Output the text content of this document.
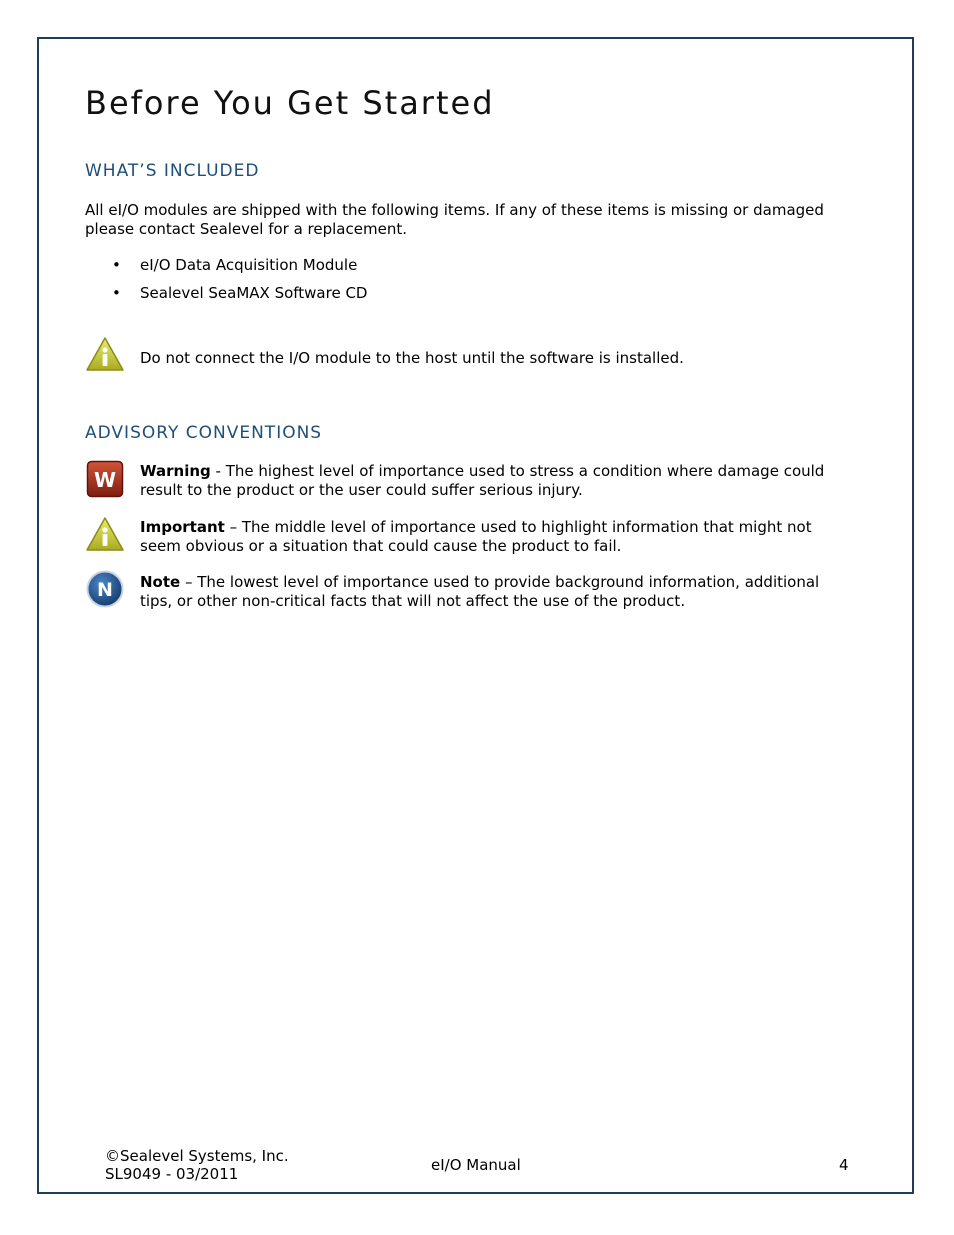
Before You Get Started
WHAT’S INCLUDED
All eI/O modules are shipped with the following items. If any of these items is missing or damaged
please contact Sealevel for a replacement.
• eI/O Data Acquisition Module
• Sealevel SeaMAX Software CD
Do not connect the I/O module to the host until the software is installed.
ADVISORY CONVENTIONS
W Warning - The highest level of importance used to stress a condition where damage could
result to the product or the user could suffer serious injury.
Important – The middle level of importance used to highlight information that might not
seem obvious or a situation that could cause the product to fail.
N Note – The lowest level of importance used to provide background information, additional
tips, or other non-critical facts that will not affect the use of the product.
©Sealevel Systems, Inc.
SL9049 - 03/2011	eI/O Manual	4
